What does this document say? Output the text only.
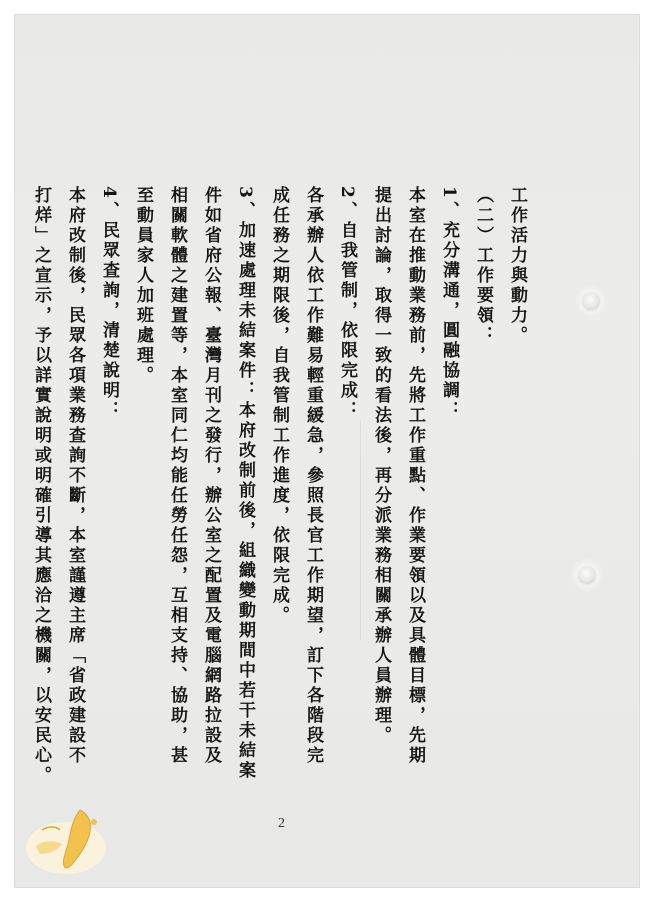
工作活力與動力。
（二）工作要領：
1、充分溝通，圓融協調：
本室在推動業務前，先將工作重點、作業要領以及具體目標，先期
提出討論，取得一致的看法後，再分派業務相關承辦人員辦理。
2、自我管制，依限完成：
各承辦人依工作難易輕重緩急，參照長官工作期望，訂下各階段完
成任務之期限後，自我管制工作進度，依限完成。
3、加速處理未結案件：本府改制前後，組織變動期間中若干未結案
件如省府公報、臺灣月刊之發行，辦公室之配置及電腦網路拉設及
相關軟體之建置等，本室同仁均能任勞任怨，互相支持、協助，甚
至動員家人加班處理。
4、民眾查詢，清楚說明：
本府改制後，民眾各項業務查詢不斷，本室謹遵主席「省政建設不
打烊」之宣示，予以詳實說明或明確引導其應洽之機關，以安民心。
2
